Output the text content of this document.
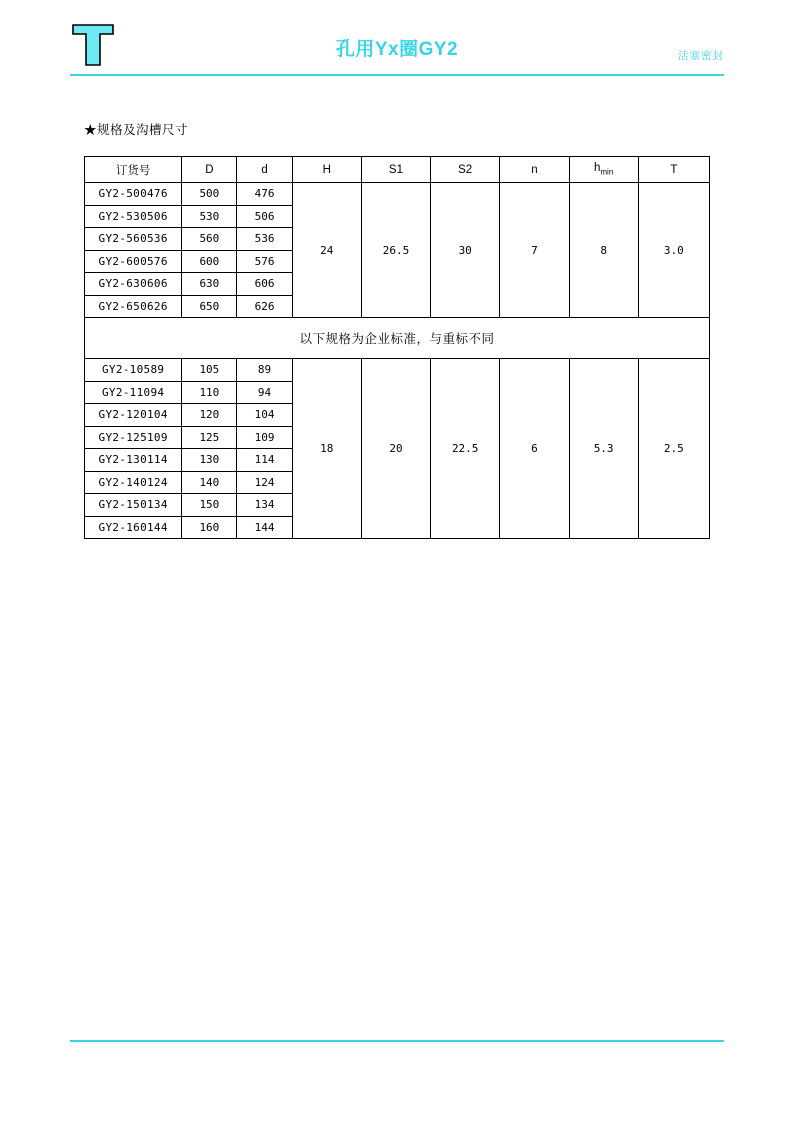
孔用Yx圈GY2	活塞密封
★规格及沟槽尺寸
订货号	D	d	H	S1	S2	n	$h_{min}$	T
GY2-500476	500	476	24	26.5	30	7	8	3.0
GY2-530506	530	506						
GY2-560536	560	536						
GY2-600576	600	576						
GY2-630606	630	606						
GY2-650626	650	626						
以下规格为企业标准，与重标不同								
GY2-10589	105	89	18	20	22.5	6	5.3	2.5
GY2-11094	110	94						
GY2-120104	120	104						
GY2-125109	125	109						
GY2-130114	130	114						
GY2-140124	140	124						
GY2-150134	150	134						
GY2-160144	160	144						
